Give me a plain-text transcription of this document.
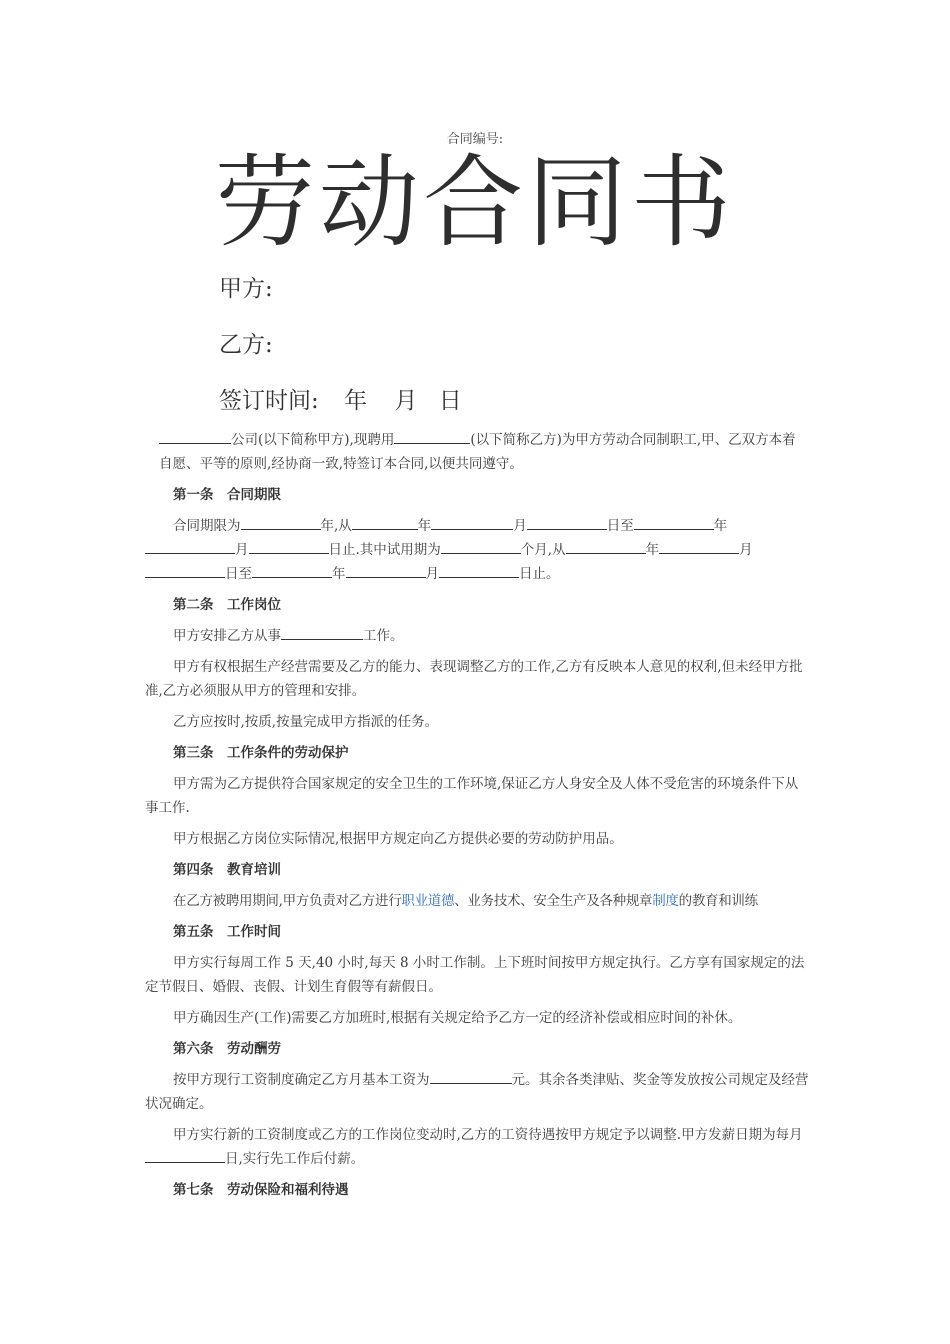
合同编号:
劳动合同书
甲方:
乙方:
签订时间: 年 月 日

公司(以下简称甲方),现聘用	(以下简称乙方)为甲方劳动合同制职工,甲、乙双方本着自愿、平等的原则,经协商一致,特签订本合同,以便共同遵守。

第一条　合同期限

合同期限为	年,从	年	月	日至	年月	日止.其中试用期为	个月,从	年	月日至	年	月	日止。

第二条　工作岗位

甲方安排乙方从事	工作。

甲方有权根据生产经营需要及乙方的能力、表现调整乙方的工作,乙方有反映本人意见的权利,但未经甲方批准,乙方必须服从甲方的管理和安排。

乙方应按时,按质,按量完成甲方指派的任务。

第三条　工作条件的劳动保护

甲方需为乙方提供符合国家规定的安全卫生的工作环境,保证乙方人身安全及人体不受危害的环境条件下从事工作.

甲方根据乙方岗位实际情况,根据甲方规定向乙方提供必要的劳动防护用品。

第四条　教育培训

在乙方被聘用期间,甲方负责对乙方进行职业道德、业务技术、安全生产及各种规章制度的教育和训练

第五条　工作时间

甲方实行每周工作 5 天,40 小时,每天 8 小时工作制。上下班时间按甲方规定执行。乙方享有国家规定的法定节假日、婚假、丧假、计划生育假等有薪假日。

甲方确因生产(工作)需要乙方加班时,根据有关规定给予乙方一定的经济补偿或相应时间的补休。

第六条　劳动酬劳

按甲方现行工资制度确定乙方月基本工资为	元。其余各类津贴、奖金等发放按公司规定及经营状况确定。

甲方实行新的工资制度或乙方的工作岗位变动时,乙方的工资待遇按甲方规定予以调整.甲方发薪日期为每月日,实行先工作后付薪。

第七条　劳动保险和福利待遇
